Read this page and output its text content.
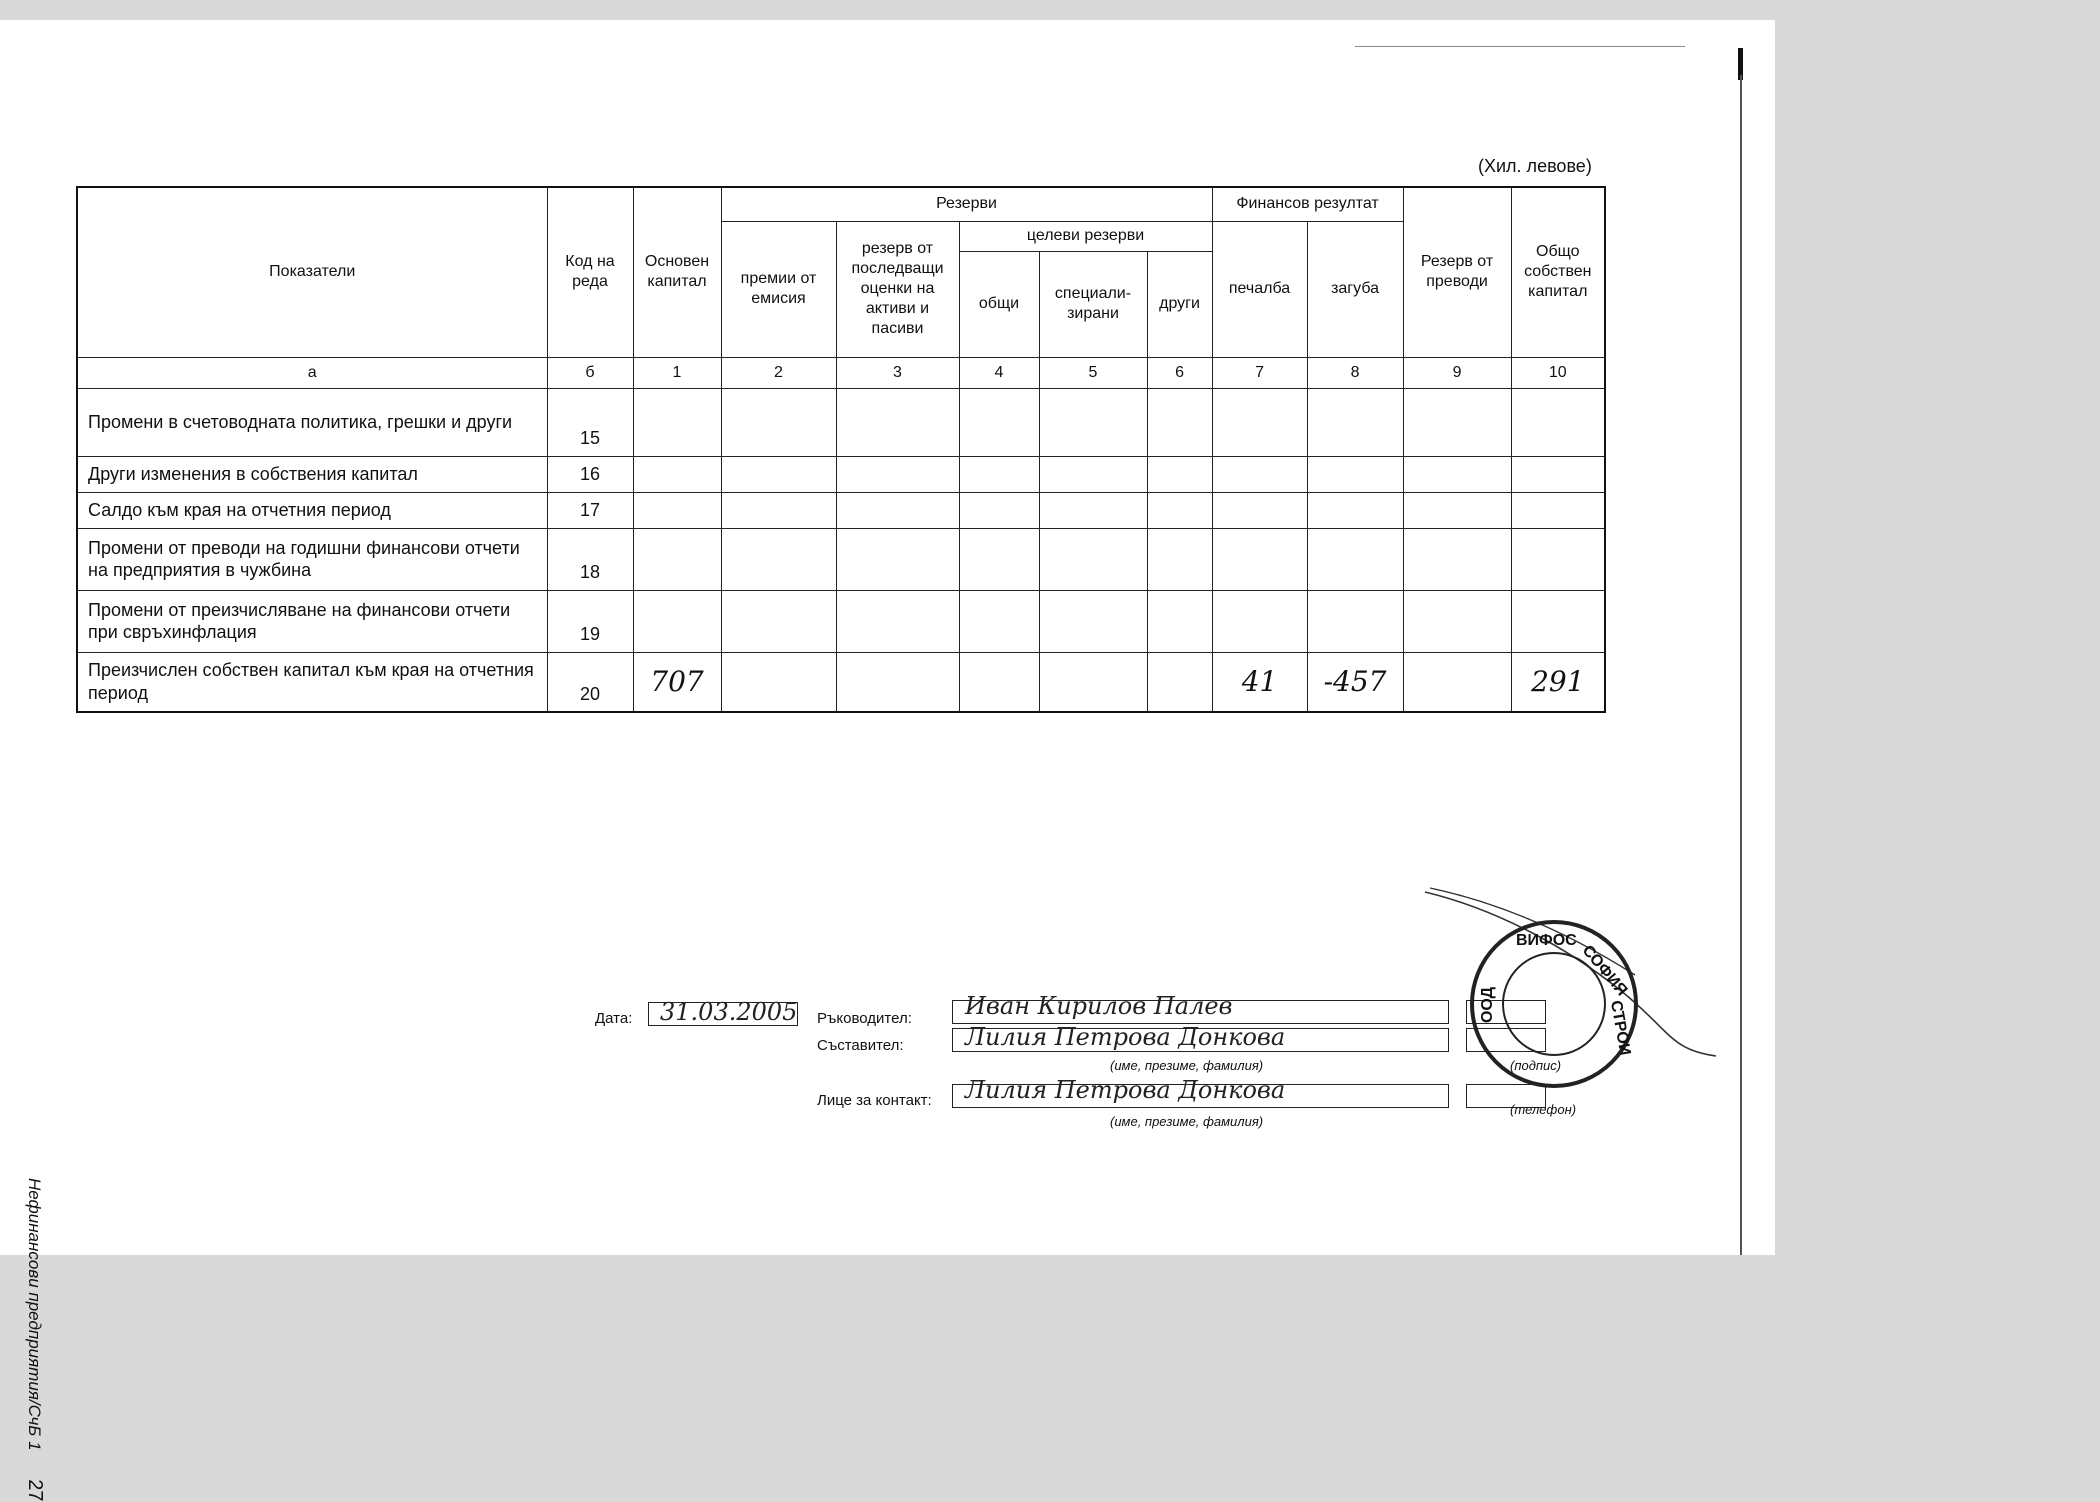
(Хил. левове)
Показатели	Код на реда	Основен капитал	Резерви					Финансов резултат		Резерв от преводи	Общо собствен капитал
			премии от емисия	резерв от последващи оценки на активи и пасиви	целеви резерви			печалба	загуба		
					общи	специали-зирани	други				
а	б	1	2	3	4	5	6	7	8	9	10
Промени в счетоводната политика, грешки и други	15										
Други изменения в собствения капитал	16										
Салдо към края на отчетния период	17										
Промени от преводи на годишни финансови отчети на предприятия в чужбина	18										
Промени от преизчисляване на финансови отчети при свръхинфлация	19										
Преизчислен собствен капитал към края на отчетния период	20	707						41	-457		291
Нефинансови предприятия/СчБ 1 27
Дата: 31.03.2005 Ръководител: Иван Кирилов Палев
Съставител:	Лилия Петрова Донкова
(име, презиме, фамилия)	(подпис)
Лице за контакт: Лилия Петрова Донкова
(име, презиме, фамилия)
(телефон)
ВИФОС
СОФИЯ
СТРОИ
ООД
